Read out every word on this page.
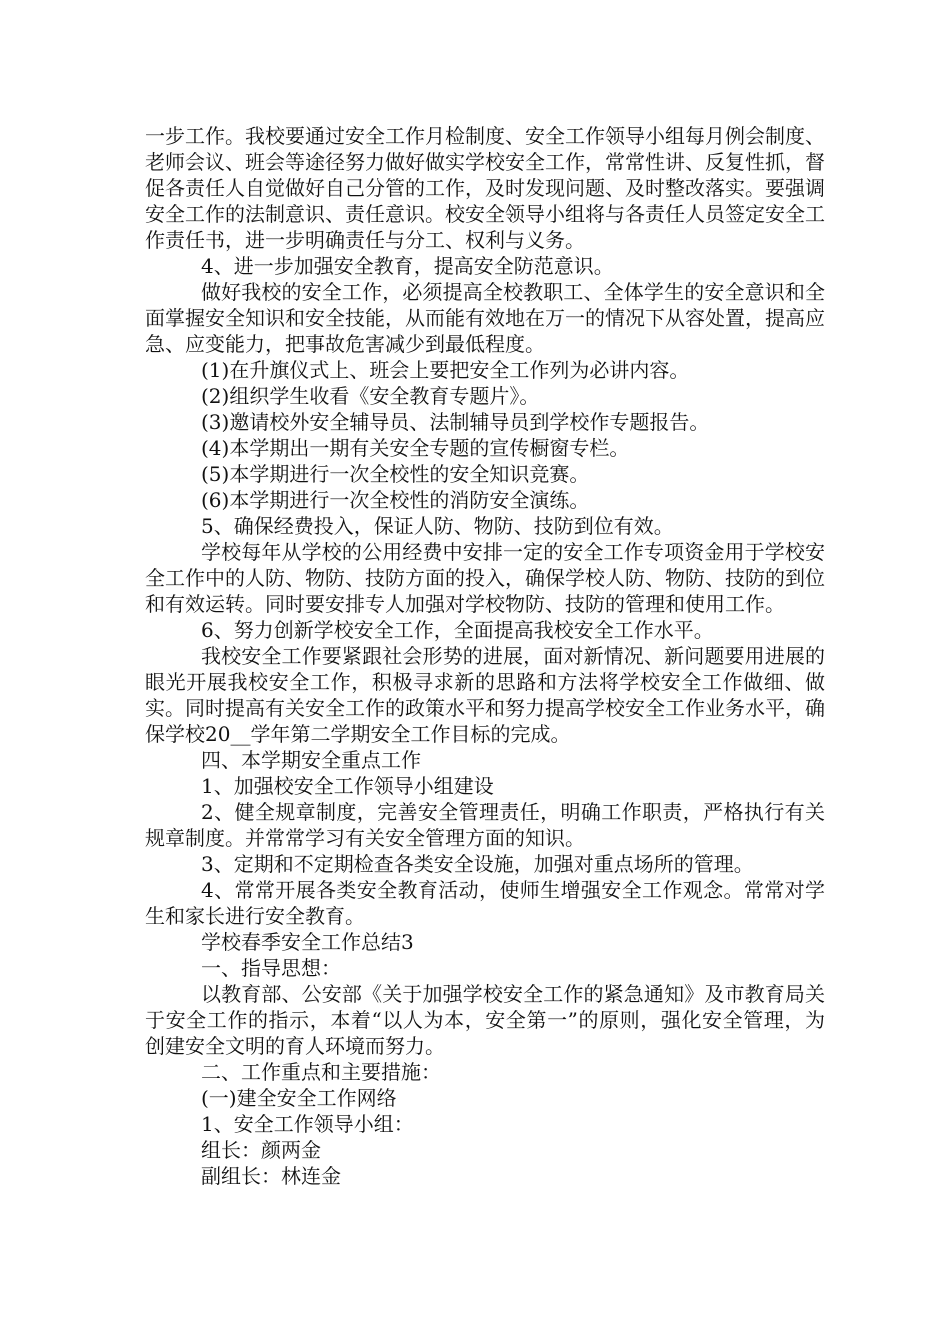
一步工作。我校要通过安全工作月检制度、安全工作领导小组每月例会制度、老师会议、班会等途径努力做好做实学校安全工作，常常性讲、反复性抓，督促各责任人自觉做好自己分管的工作，及时发现问题、及时整改落实。要强调安全工作的法制意识、责任意识。校安全领导小组将与各责任人员签定安全工作责任书，进一步明确责任与分工、权利与义务。

4、进一步加强安全教育，提高安全防范意识。

做好我校的安全工作，必须提高全校教职工、全体学生的安全意识和全面掌握安全知识和安全技能，从而能有效地在万一的情况下从容处置，提高应急、应变能力，把事故危害减少到最低程度。

(1)在升旗仪式上、班会上要把安全工作列为必讲内容。

(2)组织学生收看《安全教育专题片》。

(3)邀请校外安全辅导员、法制辅导员到学校作专题报告。

(4)本学期出一期有关安全专题的宣传橱窗专栏。

(5)本学期进行一次全校性的安全知识竞赛。

(6)本学期进行一次全校性的消防安全演练。

5、确保经费投入，保证人防、物防、技防到位有效。

学校每年从学校的公用经费中安排一定的安全工作专项资金用于学校安全工作中的人防、物防、技防方面的投入，确保学校人防、物防、技防的到位和有效运转。同时要安排专人加强对学校物防、技防的管理和使用工作。

6、努力创新学校安全工作，全面提高我校安全工作水平。

我校安全工作要紧跟社会形势的进展，面对新情况、新问题要用进展的眼光开展我校安全工作，积极寻求新的思路和方法将学校安全工作做细、做实。同时提高有关安全工作的政策水平和努力提高学校安全工作业务水平，确保学校20__学年第二学期安全工作目标的完成。

四、本学期安全重点工作

1、加强校安全工作领导小组建设

2、健全规章制度，完善安全管理责任，明确工作职责，严格执行有关规章制度。并常常学习有关安全管理方面的知识。

3、定期和不定期检查各类安全设施，加强对重点场所的管理。

4、常常开展各类安全教育活动，使师生增强安全工作观念。常常对学生和家长进行安全教育。

学校春季安全工作总结3

一、指导思想：

以教育部、公安部《关于加强学校安全工作的紧急通知》及市教育局关于安全工作的指示，本着“以人为本，安全第一”的原则，强化安全管理，为创建安全文明的育人环境而努力。

二、工作重点和主要措施：

(一)建全安全工作网络

1、安全工作领导小组：

组长：颜两金

副组长：林连金
